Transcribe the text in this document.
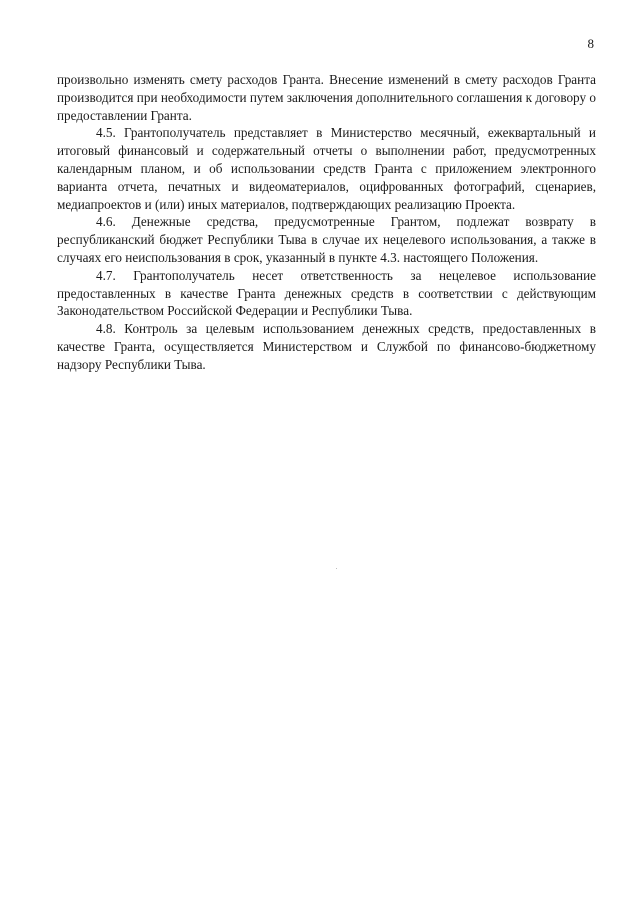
8

произвольно изменять смету расходов Гранта. Внесение изменений в смету расходов Гранта производится при необходимости путем заключения дополнительного соглашения к договору о предоставлении Гранта.

4.5. Грантополучатель представляет в Министерство месячный, ежеквартальный и итоговый финансовый и содержательный отчеты о выполнении работ, предусмотренных календарным планом, и об использовании средств Гранта с приложением электронного варианта отчета, печатных и видеоматериалов, оцифрованных фотографий, сценариев, медиапроектов и (или) иных материалов, подтверждающих реализацию Проекта.

4.6. Денежные средства, предусмотренные Грантом, подлежат возврату в республиканский бюджет Республики Тыва в случае их нецелевого использования, а также в случаях его неиспользования в срок, указанный в пункте 4.3. настоящего Положения.

4.7. Грантополучатель несет ответственность за нецелевое использование предоставленных в качестве Гранта денежных средств в соответствии с действующим Законодательством Российской Федерации и Республики Тыва.

4.8. Контроль за целевым использованием денежных средств, предоставленных в качестве Гранта, осуществляется Министерством и Службой по финансово-бюджетному надзору Республики Тыва.
